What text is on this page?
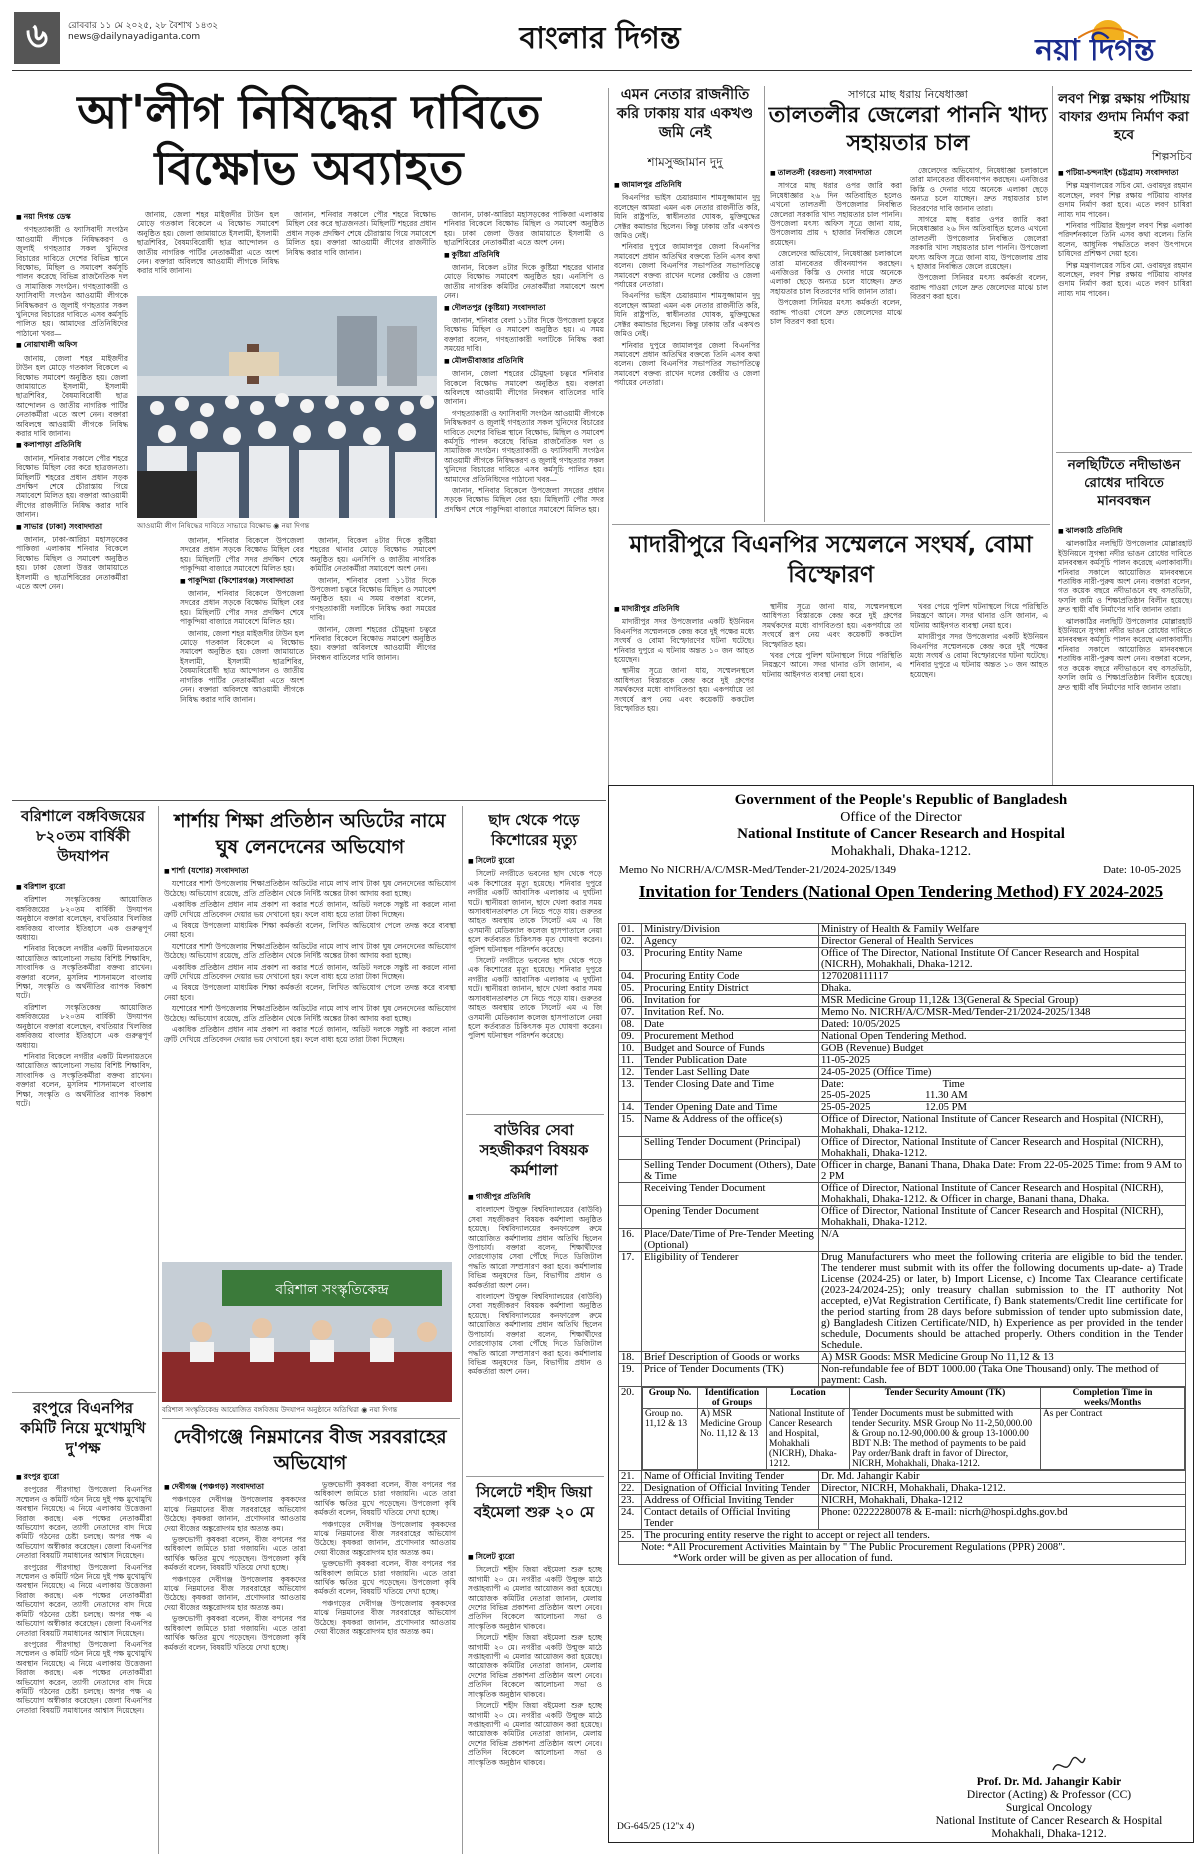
৬ রোববার ১১ মে ২০২৫, ২৮ বৈশাখ ১৪৩২
news@dailynayadiganta.com	বাংলার দিগন্ত	নয়া দিগন্ত
আ'লীগ নিষিদ্ধের দাবিতে
বিক্ষোভ অব্যাহত
■ নয়া দিগন্ত ডেস্ক

গণহত্যাকারী ও ফ্যাসিবাদী সংগঠন আওয়ামী লীগকে নিষিদ্ধকরণ ও জুলাই গণহত্যার সকল খুনিদের বিচারের দাবিতে দেশের বিভিন্ন স্থানে বিক্ষোভ, মিছিল ও সমাবেশ কর্মসূচি পালন করেছে বিভিন্ন রাজনৈতিক দল ও সামাজিক সংগঠন। গণহত্যাকারী ও ফ্যাসিবাদী সংগঠন আওয়ামী লীগকে নিষিদ্ধকরণ ও জুলাই গণহত্যার সকল খুনিদের বিচারের দাবিতে এসব কর্মসূচি পালিত হয়। আমাদের প্রতিনিধিদের পাঠানো খবর—

■ নোয়াখালী অফিস

জানায়, জেলা শহর মাইজদীর টাউন হল মোড়ে গতকাল বিকেলে এ বিক্ষোভ সমাবেশ অনুষ্ঠিত হয়। জেলা জামায়াতে ইসলামী, ইসলামী ছাত্রশিবির, বৈষম্যবিরোধী ছাত্র আন্দোলন ও জাতীয় নাগরিক পার্টির নেতাকর্মীরা এতে অংশ নেন। বক্তারা অবিলম্বে আওয়ামী লীগকে নিষিদ্ধ করার দাবি জানান।

■ কলাপাড়া প্রতিনিধি

জানান, শনিবার সকালে পৌর শহরে বিক্ষোভ মিছিল বের করে ছাত্রজনতা। মিছিলটি শহরের প্রধান প্রধান সড়ক প্রদক্ষিণ শেষে চৌরাস্তায় গিয়ে সমাবেশে মিলিত হয়। বক্তারা আওয়ামী লীগের রাজনীতি নিষিদ্ধ করার দাবি জানান।

■ সাভার (ঢাকা) সংবাদদাতা

জানান, ঢাকা-আরিচা মহাসড়কের পাকিজা এলাকায় শনিবার বিকেলে বিক্ষোভ মিছিল ও সমাবেশ অনুষ্ঠিত হয়। ঢাকা জেলা উত্তর জামায়াতে ইসলামী ও ছাত্রশিবিরের নেতাকর্মীরা এতে অংশ নেন।

জানায়, জেলা শহর মাইজদীর টাউন হল মোড়ে গতকাল বিকেলে এ বিক্ষোভ সমাবেশ অনুষ্ঠিত হয়। জেলা জামায়াতে ইসলামী, ইসলামী ছাত্রশিবির, বৈষম্যবিরোধী ছাত্র আন্দোলন ও জাতীয় নাগরিক পার্টির নেতাকর্মীরা এতে অংশ নেন। বক্তারা অবিলম্বে আওয়ামী লীগকে নিষিদ্ধ করার দাবি জানান।

জানান, শনিবার সকালে পৌর শহরে বিক্ষোভ মিছিল বের করে ছাত্রজনতা। মিছিলটি শহরের প্রধান প্রধান সড়ক প্রদক্ষিণ শেষে চৌরাস্তায় গিয়ে সমাবেশে মিলিত হয়। বক্তারা আওয়ামী লীগের রাজনীতি নিষিদ্ধ করার দাবি জানান।

জানান, ঢাকা-আরিচা মহাসড়কের পাকিজা এলাকায় শনিবার বিকেলে বিক্ষোভ মিছিল ও সমাবেশ অনুষ্ঠিত হয়। ঢাকা জেলা উত্তর জামায়াতে ইসলামী ও ছাত্রশিবিরের নেতাকর্মীরা এতে অংশ নেন।

■ কুষ্টিয়া প্রতিনিধি

জানান, বিকেল ৪টার দিকে কুষ্টিয়া শহরের থানার মোড়ে বিক্ষোভ সমাবেশ অনুষ্ঠিত হয়। এনসিপি ও জাতীয় নাগরিক কমিটির নেতাকর্মীরা সমাবেশে অংশ নেন।

■ দৌলতপুর (কুষ্টিয়া) সংবাদদাতা

জানান, শনিবার বেলা ১১টার দিকে উপজেলা চত্বরে বিক্ষোভ মিছিল ও সমাবেশ অনুষ্ঠিত হয়। এ সময় বক্তারা বলেন, গণহত্যাকারী দলটিকে নিষিদ্ধ করা সময়ের দাবি।

■ মৌলভীবাজার প্রতিনিধি

জানান, জেলা শহরের চৌমুহনা চত্বরে শনিবার বিকেলে বিক্ষোভ সমাবেশ অনুষ্ঠিত হয়। বক্তারা অবিলম্বে আওয়ামী লীগের নিবন্ধন বাতিলের দাবি জানান।

গণহত্যাকারী ও ফ্যাসিবাদী সংগঠন আওয়ামী লীগকে নিষিদ্ধকরণ ও জুলাই গণহত্যার সকল খুনিদের বিচারের দাবিতে দেশের বিভিন্ন স্থানে বিক্ষোভ, মিছিল ও সমাবেশ কর্মসূচি পালন করেছে বিভিন্ন রাজনৈতিক দল ও সামাজিক সংগঠন। গণহত্যাকারী ও ফ্যাসিবাদী সংগঠন আওয়ামী লীগকে নিষিদ্ধকরণ ও জুলাই গণহত্যার সকল খুনিদের বিচারের দাবিতে এসব কর্মসূচি পালিত হয়। আমাদের প্রতিনিধিদের পাঠানো খবর—

জানান, শনিবার বিকেলে উপজেলা সদরের প্রধান সড়কে বিক্ষোভ মিছিল বের হয়। মিছিলটি পৌর সদর প্রদক্ষিণ শেষে পাকুন্দিয়া বাজারে সমাবেশে মিলিত হয়।

আওয়ামী লীগ নিষিদ্ধের দাবিতে সাভারে বিক্ষোভ ◉ নয়া দিগন্ত

জানান, শনিবার বিকেলে উপজেলা সদরের প্রধান সড়কে বিক্ষোভ মিছিল বের হয়। মিছিলটি পৌর সদর প্রদক্ষিণ শেষে পাকুন্দিয়া বাজারে সমাবেশে মিলিত হয়।

■ পাকুন্দিয়া (কিশোরগঞ্জ) সংবাদদাতা

জানান, শনিবার বিকেলে উপজেলা সদরের প্রধান সড়কে বিক্ষোভ মিছিল বের হয়। মিছিলটি পৌর সদর প্রদক্ষিণ শেষে পাকুন্দিয়া বাজারে সমাবেশে মিলিত হয়।

জানায়, জেলা শহর মাইজদীর টাউন হল মোড়ে গতকাল বিকেলে এ বিক্ষোভ সমাবেশ অনুষ্ঠিত হয়। জেলা জামায়াতে ইসলামী, ইসলামী ছাত্রশিবির, বৈষম্যবিরোধী ছাত্র আন্দোলন ও জাতীয় নাগরিক পার্টির নেতাকর্মীরা এতে অংশ নেন। বক্তারা অবিলম্বে আওয়ামী লীগকে নিষিদ্ধ করার দাবি জানান।

জানান, বিকেল ৪টার দিকে কুষ্টিয়া শহরের থানার মোড়ে বিক্ষোভ সমাবেশ অনুষ্ঠিত হয়। এনসিপি ও জাতীয় নাগরিক কমিটির নেতাকর্মীরা সমাবেশে অংশ নেন।

জানান, শনিবার বেলা ১১টার দিকে উপজেলা চত্বরে বিক্ষোভ মিছিল ও সমাবেশ অনুষ্ঠিত হয়। এ সময় বক্তারা বলেন, গণহত্যাকারী দলটিকে নিষিদ্ধ করা সময়ের দাবি।

জানান, জেলা শহরের চৌমুহনা চত্বরে শনিবার বিকেলে বিক্ষোভ সমাবেশ অনুষ্ঠিত হয়। বক্তারা অবিলম্বে আওয়ামী লীগের নিবন্ধন বাতিলের দাবি জানান।

এমন নেতার রাজনীতি করি ঢাকায় যার একখণ্ড জমি নেই
শামসুজ্জামান দুদু
■ জামালপুর প্রতিনিধি

বিএনপির ভাইস চেয়ারম্যান শামসুজ্জামান দুদু বলেছেন আমরা এমন এক নেতার রাজনীতি করি, যিনি রাষ্ট্রপতি, স্বাধীনতার ঘোষক, মুক্তিযুদ্ধের সেক্টর কমান্ডার ছিলেন। কিন্তু ঢাকায় তাঁর একখণ্ড জমিও নেই।

শনিবার দুপুরে জামালপুর জেলা বিএনপির সমাবেশে প্রধান অতিথির বক্তব্যে তিনি এসব কথা বলেন। জেলা বিএনপির সভাপতির সভাপতিত্বে সমাবেশে বক্তব্য রাখেন দলের কেন্দ্রীয় ও জেলা পর্যায়ের নেতারা।

বিএনপির ভাইস চেয়ারম্যান শামসুজ্জামান দুদু বলেছেন আমরা এমন এক নেতার রাজনীতি করি, যিনি রাষ্ট্রপতি, স্বাধীনতার ঘোষক, মুক্তিযুদ্ধের সেক্টর কমান্ডার ছিলেন। কিন্তু ঢাকায় তাঁর একখণ্ড জমিও নেই।

শনিবার দুপুরে জামালপুর জেলা বিএনপির সমাবেশে প্রধান অতিথির বক্তব্যে তিনি এসব কথা বলেন। জেলা বিএনপির সভাপতির সভাপতিত্বে সমাবেশে বক্তব্য রাখেন দলের কেন্দ্রীয় ও জেলা পর্যায়ের নেতারা।

সাগরে মাছ ধরায় নিষেধাজ্ঞা
তালতলীর জেলেরা পাননি খাদ্য সহায়তার চাল
■ তালতলী (বরগুনা) সংবাদদাতা

সাগরে মাছ ধরার ওপর জারি করা নিষেধাজ্ঞার ২৬ দিন অতিবাহিত হলেও এখনো তালতলী উপজেলার নিবন্ধিত জেলেরা সরকারি খাদ্য সহায়তার চাল পাননি। উপজেলা মৎস্য অফিস সূত্রে জানা যায়, উপজেলায় প্রায় ৭ হাজার নিবন্ধিত জেলে রয়েছেন।

জেলেদের অভিযোগ, নিষেধাজ্ঞা চলাকালে তারা মানবেতর জীবনযাপন করছেন। এনজিওর কিস্তি ও দেনার দায়ে অনেকে এলাকা ছেড়ে অন্যত্র চলে যাচ্ছেন। দ্রুত সহায়তার চাল বিতরণের দাবি জানান তারা।

উপজেলা সিনিয়র মৎস্য কর্মকর্তা বলেন, বরাদ্দ পাওয়া গেলে দ্রুত জেলেদের মাঝে চাল বিতরণ করা হবে।

জেলেদের অভিযোগ, নিষেধাজ্ঞা চলাকালে তারা মানবেতর জীবনযাপন করছেন। এনজিওর কিস্তি ও দেনার দায়ে অনেকে এলাকা ছেড়ে অন্যত্র চলে যাচ্ছেন। দ্রুত সহায়তার চাল বিতরণের দাবি জানান তারা।

সাগরে মাছ ধরার ওপর জারি করা নিষেধাজ্ঞার ২৬ দিন অতিবাহিত হলেও এখনো তালতলী উপজেলার নিবন্ধিত জেলেরা সরকারি খাদ্য সহায়তার চাল পাননি। উপজেলা মৎস্য অফিস সূত্রে জানা যায়, উপজেলায় প্রায় ৭ হাজার নিবন্ধিত জেলে রয়েছেন।

উপজেলা সিনিয়র মৎস্য কর্মকর্তা বলেন, বরাদ্দ পাওয়া গেলে দ্রুত জেলেদের মাঝে চাল বিতরণ করা হবে।

লবণ শিল্প রক্ষায় পটিয়ায় বাফার গুদাম নির্মাণ করা হবে
শিল্পসচিব
■ পটিয়া-চন্দনাইশ (চট্টগ্রাম) সংবাদদাতা

শিল্প মন্ত্রণালয়ের সচিব মো. ওবায়দুর রহমান বলেছেন, লবণ শিল্প রক্ষায় পটিয়ায় বাফার গুদাম নির্মাণ করা হবে। এতে লবণ চাষিরা ন্যায্য দাম পাবেন।

শনিবার পটিয়ার ইন্দ্রপুল লবণ শিল্প এলাকা পরিদর্শনকালে তিনি এসব কথা বলেন। তিনি বলেন, আধুনিক পদ্ধতিতে লবণ উৎপাদনে চাষিদের প্রশিক্ষণ দেয়া হবে।

শিল্প মন্ত্রণালয়ের সচিব মো. ওবায়দুর রহমান বলেছেন, লবণ শিল্প রক্ষায় পটিয়ায় বাফার গুদাম নির্মাণ করা হবে। এতে লবণ চাষিরা ন্যায্য দাম পাবেন।

নলছিটিতে নদীভাঙন রোধের দাবিতে মানববন্ধন
■ ঝালকাঠি প্রতিনিধি

ঝালকাঠির নলছিটি উপজেলার মোল্লারহাট ইউনিয়নে সুগন্ধা নদীর ভাঙন রোধের দাবিতে মানববন্ধন কর্মসূচি পালন করেছে এলাকাবাসী। শনিবার সকালে আয়োজিত মানববন্ধনে শতাধিক নারী-পুরুষ অংশ নেন। বক্তারা বলেন, গত কয়েক বছরে নদীভাঙনে বহু বসতভিটা, ফসলি জমি ও শিক্ষাপ্রতিষ্ঠান বিলীন হয়েছে। দ্রুত স্থায়ী বাঁধ নির্মাণের দাবি জানান তারা।

ঝালকাঠির নলছিটি উপজেলার মোল্লারহাট ইউনিয়নে সুগন্ধা নদীর ভাঙন রোধের দাবিতে মানববন্ধন কর্মসূচি পালন করেছে এলাকাবাসী। শনিবার সকালে আয়োজিত মানববন্ধনে শতাধিক নারী-পুরুষ অংশ নেন। বক্তারা বলেন, গত কয়েক বছরে নদীভাঙনে বহু বসতভিটা, ফসলি জমি ও শিক্ষাপ্রতিষ্ঠান বিলীন হয়েছে। দ্রুত স্থায়ী বাঁধ নির্মাণের দাবি জানান তারা।

মাদারীপুরে বিএনপির সম্মেলনে সংঘর্ষ, বোমা বিস্ফোরণ
■ মাদারীপুর প্রতিনিধি

মাদারীপুর সদর উপজেলার একটি ইউনিয়ন বিএনপির সম্মেলনকে কেন্দ্র করে দুই পক্ষের মধ্যে সংঘর্ষ ও বোমা বিস্ফোরণের ঘটনা ঘটেছে। শনিবার দুপুরে এ ঘটনায় অন্তত ১০ জন আহত হয়েছেন।

স্থানীয় সূত্রে জানা যায়, সম্মেলনস্থলে আধিপত্য বিস্তারকে কেন্দ্র করে দুই গ্রুপের সমর্থকদের মধ্যে বাগবিতণ্ডা হয়। একপর্যায়ে তা সংঘর্ষে রূপ নেয় এবং কয়েকটি ককটেল বিস্ফোরিত হয়।

স্থানীয় সূত্রে জানা যায়, সম্মেলনস্থলে আধিপত্য বিস্তারকে কেন্দ্র করে দুই গ্রুপের সমর্থকদের মধ্যে বাগবিতণ্ডা হয়। একপর্যায়ে তা সংঘর্ষে রূপ নেয় এবং কয়েকটি ককটেল বিস্ফোরিত হয়।

খবর পেয়ে পুলিশ ঘটনাস্থলে গিয়ে পরিস্থিতি নিয়ন্ত্রণে আনে। সদর থানার ওসি জানান, এ ঘটনায় আইনগত ব্যবস্থা নেয়া হবে।

খবর পেয়ে পুলিশ ঘটনাস্থলে গিয়ে পরিস্থিতি নিয়ন্ত্রণে আনে। সদর থানার ওসি জানান, এ ঘটনায় আইনগত ব্যবস্থা নেয়া হবে।

মাদারীপুর সদর উপজেলার একটি ইউনিয়ন বিএনপির সম্মেলনকে কেন্দ্র করে দুই পক্ষের মধ্যে সংঘর্ষ ও বোমা বিস্ফোরণের ঘটনা ঘটেছে। শনিবার দুপুরে এ ঘটনায় অন্তত ১০ জন আহত হয়েছেন।

বরিশালে বঙ্গবিজয়ের ৮২০তম বার্ষিকী উদযাপন
■ বরিশাল ব্যুরো

বরিশাল সংস্কৃতিকেন্দ্র আয়োজিত বঙ্গবিজয়ের ৮২০তম বার্ষিকী উদযাপন অনুষ্ঠানে বক্তারা বলেছেন, বখতিয়ার খিলজির বঙ্গবিজয় বাংলার ইতিহাসে এক গুরুত্বপূর্ণ অধ্যায়।

শনিবার বিকেলে নগরীর একটি মিলনায়তনে আয়োজিত আলোচনা সভায় বিশিষ্ট শিক্ষাবিদ, সাংবাদিক ও সংস্কৃতিকর্মীরা বক্তব্য রাখেন। বক্তারা বলেন, মুসলিম শাসনামলে বাংলায় শিক্ষা, সংস্কৃতি ও অর্থনীতির ব্যাপক বিকাশ ঘটে।

বরিশাল সংস্কৃতিকেন্দ্র আয়োজিত বঙ্গবিজয়ের ৮২০তম বার্ষিকী উদযাপন অনুষ্ঠানে বক্তারা বলেছেন, বখতিয়ার খিলজির বঙ্গবিজয় বাংলার ইতিহাসে এক গুরুত্বপূর্ণ অধ্যায়।

শনিবার বিকেলে নগরীর একটি মিলনায়তনে আয়োজিত আলোচনা সভায় বিশিষ্ট শিক্ষাবিদ, সাংবাদিক ও সংস্কৃতিকর্মীরা বক্তব্য রাখেন। বক্তারা বলেন, মুসলিম শাসনামলে বাংলায় শিক্ষা, সংস্কৃতি ও অর্থনীতির ব্যাপক বিকাশ ঘটে।

শার্শায় শিক্ষা প্রতিষ্ঠান অডিটের নামে ঘুষ লেনদেনের অভিযোগ
■ শার্শা (যশোর) সংবাদদাতা

যশোরের শার্শা উপজেলায় শিক্ষাপ্রতিষ্ঠান অডিটের নামে লাখ লাখ টাকা ঘুষ লেনদেনের অভিযোগ উঠেছে। অভিযোগ রয়েছে, প্রতি প্রতিষ্ঠান থেকে নির্দিষ্ট অঙ্কের টাকা আদায় করা হচ্ছে।

একাধিক প্রতিষ্ঠান প্রধান নাম প্রকাশ না করার শর্তে জানান, অডিট দলকে সন্তুষ্ট না করলে নানা ত্রুটি দেখিয়ে প্রতিবেদন দেয়ার ভয় দেখানো হয়। ফলে বাধ্য হয়ে তারা টাকা দিচ্ছেন।

এ বিষয়ে উপজেলা মাধ্যমিক শিক্ষা কর্মকর্তা বলেন, লিখিত অভিযোগ পেলে তদন্ত করে ব্যবস্থা নেয়া হবে।

যশোরের শার্শা উপজেলায় শিক্ষাপ্রতিষ্ঠান অডিটের নামে লাখ লাখ টাকা ঘুষ লেনদেনের অভিযোগ উঠেছে। অভিযোগ রয়েছে, প্রতি প্রতিষ্ঠান থেকে নির্দিষ্ট অঙ্কের টাকা আদায় করা হচ্ছে।

একাধিক প্রতিষ্ঠান প্রধান নাম প্রকাশ না করার শর্তে জানান, অডিট দলকে সন্তুষ্ট না করলে নানা ত্রুটি দেখিয়ে প্রতিবেদন দেয়ার ভয় দেখানো হয়। ফলে বাধ্য হয়ে তারা টাকা দিচ্ছেন।

এ বিষয়ে উপজেলা মাধ্যমিক শিক্ষা কর্মকর্তা বলেন, লিখিত অভিযোগ পেলে তদন্ত করে ব্যবস্থা নেয়া হবে।

যশোরের শার্শা উপজেলায় শিক্ষাপ্রতিষ্ঠান অডিটের নামে লাখ লাখ টাকা ঘুষ লেনদেনের অভিযোগ উঠেছে। অভিযোগ রয়েছে, প্রতি প্রতিষ্ঠান থেকে নির্দিষ্ট অঙ্কের টাকা আদায় করা হচ্ছে।

একাধিক প্রতিষ্ঠান প্রধান নাম প্রকাশ না করার শর্তে জানান, অডিট দলকে সন্তুষ্ট না করলে নানা ত্রুটি দেখিয়ে প্রতিবেদন দেয়ার ভয় দেখানো হয়। ফলে বাধ্য হয়ে তারা টাকা দিচ্ছেন।

বরিশাল সংস্কৃতিকেন্দ্র
বরিশাল সংস্কৃতিকেন্দ্র আয়োজিত বঙ্গবিজয় উদযাপন অনুষ্ঠানে অতিথিরা ◉ নয়া দিগন্ত
ছাদ থেকে পড়ে কিশোরের মৃত্যু
■ সিলেট ব্যুরো

সিলেট নগরীতে ভবনের ছাদ থেকে পড়ে এক কিশোরের মৃত্যু হয়েছে। শনিবার দুপুরে নগরীর একটি আবাসিক এলাকায় এ দুর্ঘটনা ঘটে। স্থানীয়রা জানান, ছাদে খেলা করার সময় অসাবধানতাবশত সে নিচে পড়ে যায়। গুরুতর আহত অবস্থায় তাকে সিলেট এম এ জি ওসমানী মেডিক্যাল কলেজ হাসপাতালে নেয়া হলে কর্তব্যরত চিকিৎসক মৃত ঘোষণা করেন। পুলিশ ঘটনাস্থল পরিদর্শন করেছে।

সিলেট নগরীতে ভবনের ছাদ থেকে পড়ে এক কিশোরের মৃত্যু হয়েছে। শনিবার দুপুরে নগরীর একটি আবাসিক এলাকায় এ দুর্ঘটনা ঘটে। স্থানীয়রা জানান, ছাদে খেলা করার সময় অসাবধানতাবশত সে নিচে পড়ে যায়। গুরুতর আহত অবস্থায় তাকে সিলেট এম এ জি ওসমানী মেডিক্যাল কলেজ হাসপাতালে নেয়া হলে কর্তব্যরত চিকিৎসক মৃত ঘোষণা করেন। পুলিশ ঘটনাস্থল পরিদর্শন করেছে।

বাউবির সেবা সহজীকরণ বিষয়ক কর্মশালা
■ গাজীপুর প্রতিনিধি

বাংলাদেশ উন্মুক্ত বিশ্ববিদ্যালয়ের (বাউবি) সেবা সহজীকরণ বিষয়ক কর্মশালা অনুষ্ঠিত হয়েছে। বিশ্ববিদ্যালয়ের কনফারেন্স রুমে আয়োজিত কর্মশালায় প্রধান অতিথি ছিলেন উপাচার্য। বক্তারা বলেন, শিক্ষার্থীদের দোরগোড়ায় সেবা পৌঁছে দিতে ডিজিটাল পদ্ধতি আরো সম্প্রসারণ করা হবে। কর্মশালায় বিভিন্ন অনুষদের ডিন, বিভাগীয় প্রধান ও কর্মকর্তারা অংশ নেন।

বাংলাদেশ উন্মুক্ত বিশ্ববিদ্যালয়ের (বাউবি) সেবা সহজীকরণ বিষয়ক কর্মশালা অনুষ্ঠিত হয়েছে। বিশ্ববিদ্যালয়ের কনফারেন্স রুমে আয়োজিত কর্মশালায় প্রধান অতিথি ছিলেন উপাচার্য। বক্তারা বলেন, শিক্ষার্থীদের দোরগোড়ায় সেবা পৌঁছে দিতে ডিজিটাল পদ্ধতি আরো সম্প্রসারণ করা হবে। কর্মশালায় বিভিন্ন অনুষদের ডিন, বিভাগীয় প্রধান ও কর্মকর্তারা অংশ নেন।

সিলেটে শহীদ জিয়া বইমেলা শুরু ২০ মে
■ সিলেট ব্যুরো

সিলেটে শহীদ জিয়া বইমেলা শুরু হচ্ছে আগামী ২০ মে। নগরীর একটি উন্মুক্ত মাঠে সপ্তাহব্যাপী এ মেলার আয়োজন করা হয়েছে। আয়োজক কমিটির নেতারা জানান, মেলায় দেশের বিভিন্ন প্রকাশনা প্রতিষ্ঠান অংশ নেবে। প্রতিদিন বিকেলে আলোচনা সভা ও সাংস্কৃতিক অনুষ্ঠান থাকবে।

সিলেটে শহীদ জিয়া বইমেলা শুরু হচ্ছে আগামী ২০ মে। নগরীর একটি উন্মুক্ত মাঠে সপ্তাহব্যাপী এ মেলার আয়োজন করা হয়েছে। আয়োজক কমিটির নেতারা জানান, মেলায় দেশের বিভিন্ন প্রকাশনা প্রতিষ্ঠান অংশ নেবে। প্রতিদিন বিকেলে আলোচনা সভা ও সাংস্কৃতিক অনুষ্ঠান থাকবে।

সিলেটে শহীদ জিয়া বইমেলা শুরু হচ্ছে আগামী ২০ মে। নগরীর একটি উন্মুক্ত মাঠে সপ্তাহব্যাপী এ মেলার আয়োজন করা হয়েছে। আয়োজক কমিটির নেতারা জানান, মেলায় দেশের বিভিন্ন প্রকাশনা প্রতিষ্ঠান অংশ নেবে। প্রতিদিন বিকেলে আলোচনা সভা ও সাংস্কৃতিক অনুষ্ঠান থাকবে।

রংপুরে বিএনপির কমিটি নিয়ে মুখোমুখি দু'পক্ষ
■ রংপুর ব্যুরো

রংপুরের পীরগাছা উপজেলা বিএনপির সম্মেলন ও কমিটি গঠন নিয়ে দুই পক্ষ মুখোমুখি অবস্থান নিয়েছে। এ নিয়ে এলাকায় উত্তেজনা বিরাজ করছে। এক পক্ষের নেতাকর্মীরা অভিযোগ করেন, ত্যাগী নেতাদের বাদ দিয়ে কমিটি গঠনের চেষ্টা চলছে। অপর পক্ষ এ অভিযোগ অস্বীকার করেছেন। জেলা বিএনপির নেতারা বিষয়টি সমাধানের আশ্বাস দিয়েছেন।

রংপুরের পীরগাছা উপজেলা বিএনপির সম্মেলন ও কমিটি গঠন নিয়ে দুই পক্ষ মুখোমুখি অবস্থান নিয়েছে। এ নিয়ে এলাকায় উত্তেজনা বিরাজ করছে। এক পক্ষের নেতাকর্মীরা অভিযোগ করেন, ত্যাগী নেতাদের বাদ দিয়ে কমিটি গঠনের চেষ্টা চলছে। অপর পক্ষ এ অভিযোগ অস্বীকার করেছেন। জেলা বিএনপির নেতারা বিষয়টি সমাধানের আশ্বাস দিয়েছেন।

রংপুরের পীরগাছা উপজেলা বিএনপির সম্মেলন ও কমিটি গঠন নিয়ে দুই পক্ষ মুখোমুখি অবস্থান নিয়েছে। এ নিয়ে এলাকায় উত্তেজনা বিরাজ করছে। এক পক্ষের নেতাকর্মীরা অভিযোগ করেন, ত্যাগী নেতাদের বাদ দিয়ে কমিটি গঠনের চেষ্টা চলছে। অপর পক্ষ এ অভিযোগ অস্বীকার করেছেন। জেলা বিএনপির নেতারা বিষয়টি সমাধানের আশ্বাস দিয়েছেন।

দেবীগঞ্জে নিম্নমানের বীজ সরবরাহের অভিযোগ
■ দেবীগঞ্জ (পঞ্চগড়) সংবাদদাতা

পঞ্চগড়ের দেবীগঞ্জ উপজেলায় কৃষকদের মাঝে নিম্নমানের বীজ সরবরাহের অভিযোগ উঠেছে। কৃষকরা জানান, প্রণোদনার আওতায় দেয়া বীজের অঙ্কুরোদগম হার অত্যন্ত কম।

ভুক্তভোগী কৃষকরা বলেন, বীজ বপনের পর অধিকাংশ জমিতে চারা গজায়নি। এতে তারা আর্থিক ক্ষতির মুখে পড়েছেন। উপজেলা কৃষি কর্মকর্তা বলেন, বিষয়টি খতিয়ে দেখা হচ্ছে।

পঞ্চগড়ের দেবীগঞ্জ উপজেলায় কৃষকদের মাঝে নিম্নমানের বীজ সরবরাহের অভিযোগ উঠেছে। কৃষকরা জানান, প্রণোদনার আওতায় দেয়া বীজের অঙ্কুরোদগম হার অত্যন্ত কম।

ভুক্তভোগী কৃষকরা বলেন, বীজ বপনের পর অধিকাংশ জমিতে চারা গজায়নি। এতে তারা আর্থিক ক্ষতির মুখে পড়েছেন। উপজেলা কৃষি কর্মকর্তা বলেন, বিষয়টি খতিয়ে দেখা হচ্ছে।

ভুক্তভোগী কৃষকরা বলেন, বীজ বপনের পর অধিকাংশ জমিতে চারা গজায়নি। এতে তারা আর্থিক ক্ষতির মুখে পড়েছেন। উপজেলা কৃষি কর্মকর্তা বলেন, বিষয়টি খতিয়ে দেখা হচ্ছে।

পঞ্চগড়ের দেবীগঞ্জ উপজেলায় কৃষকদের মাঝে নিম্নমানের বীজ সরবরাহের অভিযোগ উঠেছে। কৃষকরা জানান, প্রণোদনার আওতায় দেয়া বীজের অঙ্কুরোদগম হার অত্যন্ত কম।

ভুক্তভোগী কৃষকরা বলেন, বীজ বপনের পর অধিকাংশ জমিতে চারা গজায়নি। এতে তারা আর্থিক ক্ষতির মুখে পড়েছেন। উপজেলা কৃষি কর্মকর্তা বলেন, বিষয়টি খতিয়ে দেখা হচ্ছে।

পঞ্চগড়ের দেবীগঞ্জ উপজেলায় কৃষকদের মাঝে নিম্নমানের বীজ সরবরাহের অভিযোগ উঠেছে। কৃষকরা জানান, প্রণোদনার আওতায় দেয়া বীজের অঙ্কুরোদগম হার অত্যন্ত কম।

Government of the People's Republic of Bangladesh
Office of the Director
National Institute of Cancer Research and Hospital
Mohakhali, Dhaka-1212.
Memo No NICRH/A/C/MSR-Med/Tender-21/2024-2025/1349	Date: 10-05-2025
Invitation for Tenders (National Open Tendering Method) FY 2024-2025
01.	Ministry/Division	Ministry of Health & Family Welfare
02.	Agency	Director General of Health Services
03.	Procuring Entity Name	Office of The Director, National Institute Of Cancer Research and Hospital (NICRH), Mohakhali, Dhaka-1212.
04.	Procuring Entity Code	1270208111117
05.	Procuring Entity District	Dhaka.
06.	Invitation for	MSR Medicine Group 11,12& 13(General & Special Group)
07.	Invitation Ref. No.	Memo No. NICRH/A/C/MSR-Med/Tender-21/2024-2025/1348
08.	Date	Dated: 10/05/2025
09.	Procurement Method	National Open Tendering Method.
10.	Budget and Source of Funds	GOB (Revenue) Budget
11.	Tender Publication Date	11-05-2025
12.	Tender Last Selling Date	24-05-2025 (Office Time)
13.	Tender Closing Date and Time	Date:	Time
25-05-2025	11.30 AM
14.	Tender Opening Date and Time	25-05-2025	12.05 PM
15.	Name & Address of the office(s)	Office of Director, National Institute of Cancer Research and Hospital (NICRH), Mohakhali, Dhaka-1212.
	Selling Tender Document (Principal)	Office of Director, National Institute of Cancer Research and Hospital (NICRH), Mohakhali, Dhaka-1212.
	Selling Tender Document (Others), Date & Time	Officer in charge, Banani Thana, Dhaka Date: From 22-05-2025 Time: from 9 AM to 2 PM
	Receiving Tender Document	Office of Director, National Institute of Cancer Research and Hospital (NICRH), Mohakhali, Dhaka-1212. & Officer in charge, Banani thana, Dhaka.
	Opening Tender Document	Office of Director, National Institute of Cancer Research and Hospital (NICRH), Mohakhali, Dhaka-1212.
16.	Place/Date/Time of Pre-Tender Meeting (Optional)	N/A
17.	Eligibility of Tenderer	Drug Manufacturers who meet the following criteria are eligible to bid the tender. The tenderer must submit with its offer the following documents up-date- a) Trade License (2024-25) or later, b) Import License, c) Income Tax Clearance certificate (2023-24/2024-25); only treasury challan submission to the IT authority Not accepted, e)Vat Registration Certificate, f) Bank statements/Credit line certificate for the period starting from 28 days before submission of tender upto submission date, g) Bangladesh Citizen Certificate/NID, h) Experience as per provided in the tender schedule, Documents should be attached properly. Others condition in the Tender Schedule.
18.	Brief Description of Goods or works	A) MSR Goods: MSR Medicine Group No 11,12 & 13
19.	Price of Tender Documents (TK)	Non-refundable fee of BDT 1000.00 (Taka One Thousand) only. The method of payment: Cash.
20.	Group No.	Identification of Groups	Location	Tender Security Amount (TK)	Completion Time in weeks/Months
Group no. 11,12 & 13	A) MSR Medicine Group No. 11,12 & 13	National Institute of Cancer Research and Hospital, Mohakhali (NICRH), Dhaka-1212.	Tender Documents must be submitted with tender Security. MSR Group No 11-2,50,000.00 & Group no.12-90,000.00 & group 13-1000.00 BDT N.B: The method of payments to be paid Pay order/Bank draft in favor of Director, NICRH, Mohakhali, Dhaka-1212.	As per Contract

21.	Name of Official Inviting Tender	Dr. Md. Jahangir Kabir
22.	Designation of Official Inviting Tender	Director, NICRH, Mohakhali, Dhaka-1212.
23.	Address of Official Inviting Tender	NICRH, Mohakhali, Dhaka-1212
24.	Contact details of Official Inviting Tender	Phone: 02222280078 & E-mail: nicrh@hospi.dghs.gov.bd
25.	The procuring entity reserve the right to accept or reject all tenders.

Note: *All Procurement Activities Maintain by " The Public Procurement Regulations (PPR) 2008".
*Work order will be given as per allocation of fund.
Prof. Dr. Md. Jahangir Kabir
Director (Acting) & Professor (CC)
Surgical Oncology
National Institute of Cancer Research & Hospital
Mohakhali, Dhaka-1212.
DG-645/25 (12"x 4)
